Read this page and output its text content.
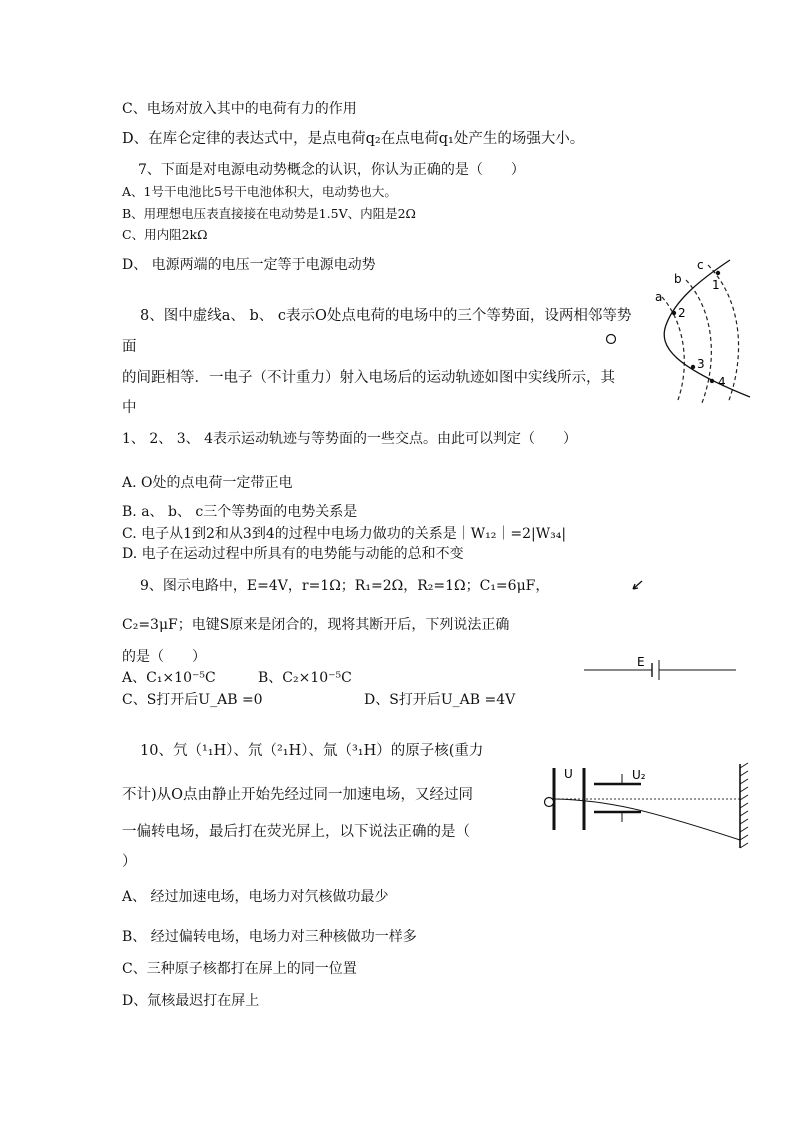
C、电场对放入其中的电荷有力的作用
D、在库仑定律的表达式中，是点电荷q₂在点电荷q₁处产生的场强大小。
7、下面是对电源电动势概念的认识，你认为正确的是（　　）
A、1号干电池比5号干电池体积大，电动势也大。
B、用理想电压表直接接在电动势是1.5V、内阻是2Ω
C、用内阻2kΩ
D、 电源两端的电压一定等于电源电动势
8、图中虚线a、 b、 c表示O处点电荷的电场中的三个等势面，设两相邻等势
面
的间距相等．一电子（不计重力）射入电场后的运动轨迹如图中实线所示，其
中
1、 2、 3、 4表示运动轨迹与等势面的一些交点。由此可以判定（　　）
A. O处的点电荷一定带正电
B. a、 b、 c三个等势面的电势关系是
C. 电子从1到2和从3到4的过程中电场力做功的关系是｜W₁₂｜=2|W₃₄|
D. 电子在运动过程中所具有的电势能与动能的总和不变
a
b
c
1
2
3
4
9、图示电路中，E=4V，r=1Ω；R₁=2Ω，R₂=1Ω；C₁=6μF，
C₂=3μF；电键S原来是闭合的，现将其断开后，下列说法正确
的是（　　）
A、C₁×10⁻⁵C	B、C₂×10⁻⁵C
C、S打开后U_AB =0	D、S打开后U_AB =4V
E
10、氕（¹₁H）、氘（²₁H）、氚（³₁H）的原子核(重力
不计)从O点由静止开始先经过同一加速电场，又经过同
一偏转电场，最后打在荧光屏上，以下说法正确的是（
）
A、 经过加速电场，电场力对氕核做功最少
B、 经过偏转电场，电场力对三种核做功一样多
C、三种原子核都打在屏上的同一位置
D、氚核最迟打在屏上
U	U₂
